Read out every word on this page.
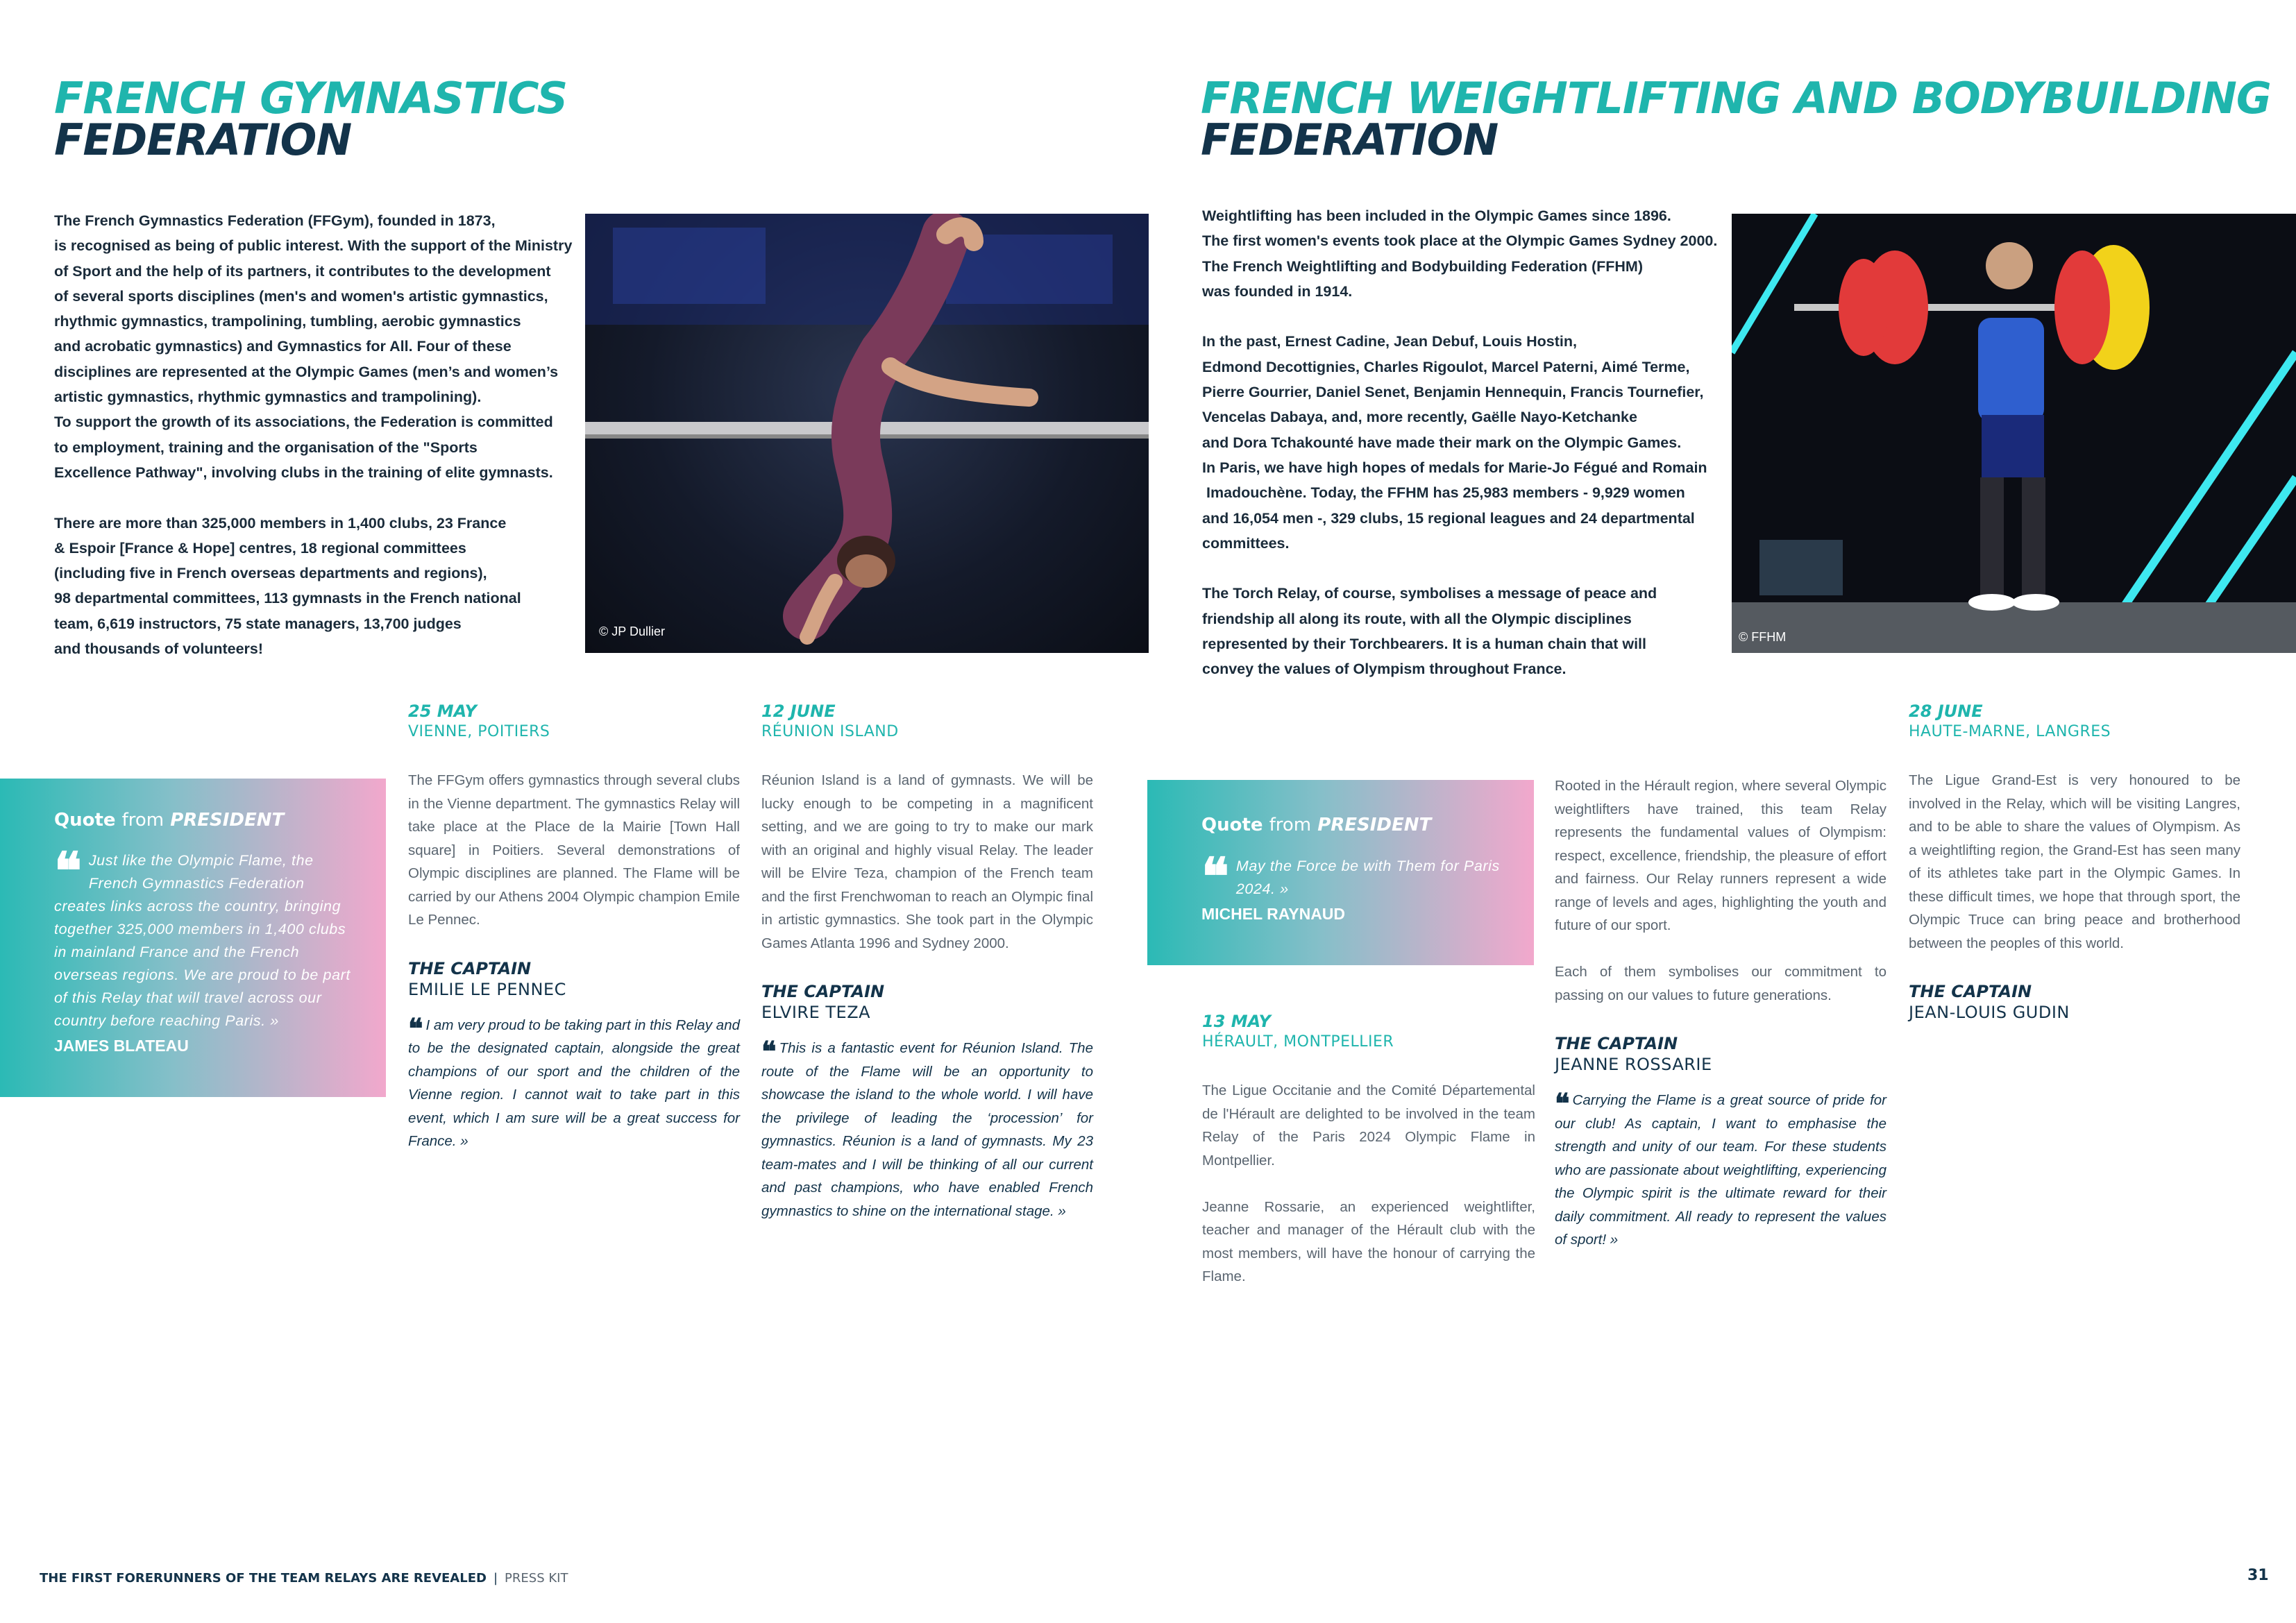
FRENCH GYMNASTICS
FEDERATION
The French Gymnastics Federation (FFGym), founded in 1873,
is recognised as being of public interest. With the support of the Ministry
of Sport and the help of its partners, it contributes to the development
of several sports disciplines (men's and women's artistic gymnastics,
rhythmic gymnastics, trampolining, tumbling, aerobic gymnastics
and acrobatic gymnastics) and Gymnastics for All. Four of these
disciplines are represented at the Olympic Games (men’s and women’s
artistic gymnastics, rhythmic gymnastics and trampolining).
To support the growth of its associations, the Federation is committed
to employment, training and the organisation of the "Sports
Excellence Pathway", involving clubs in the training of elite gymnasts.

There are more than 325,000 members in 1,400 clubs, 23 France
& Espoir [France & Hope] centres, 18 regional committees
(including five in French overseas departments and regions),
98 departmental committees, 113 gymnasts in the French national
team, 6,619 instructors, 75 state managers, 13,700 judges
and thousands of volunteers!
© JP Dullier
Quote from PRESIDENT
❝ Just like the Olympic Flame, the French Gymnastics Federation creates links across the country, bringing together 325,000 members in 1,400 clubs in mainland France and the French overseas regions. We are proud to be part of this Relay that will travel across our country before reaching Paris. »
JAMES BLATEAU
25 MAY
VIENNE, POITIERS
The FFGym offers gymnastics through several clubs in the Vienne department. The gymnastics Relay will take place at the Place de la Mairie [Town Hall square] in Poitiers. Several demonstrations of Olympic disciplines are planned. The Flame will be carried by our Athens 2004 Olympic champion Emile Le Pennec.
THE CAPTAIN
EMILIE LE PENNEC
❝ I am very proud to be taking part in this Relay and to be the designated captain, alongside the great champions of our sport and the children of the Vienne region. I cannot wait to take part in this event, which I am sure will be a great success for France. »
12 JUNE
RÉUNION ISLAND
Réunion Island is a land of gymnasts. We will be lucky enough to be competing in a magnificent setting, and we are going to try to make our mark with an original and highly visual Relay. The leader will be Elvire Teza, champion of the French team and the first Frenchwoman to reach an Olympic final in artistic gymnastics. She took part in the Olympic Games Atlanta 1996 and Sydney 2000.
THE CAPTAIN
ELVIRE TEZA
❝ This is a fantastic event for Réunion Island. The route of the Flame will be an opportunity to showcase the island to the whole world. I will have the privilege of leading the ‘procession’ for gymnastics. Réunion is a land of gymnasts. My 23 team-mates and I will be thinking of all our current and past champions, who have enabled French gymnastics to shine on the international stage. »
FRENCH WEIGHTLIFTING AND BODYBUILDING
FEDERATION
Weightlifting has been included in the Olympic Games since 1896.
The first women's events took place at the Olympic Games Sydney 2000.
The French Weightlifting and Bodybuilding Federation (FFHM)
was founded in 1914.

In the past, Ernest Cadine, Jean Debuf, Louis Hostin,
Edmond Decottignies, Charles Rigoulot, Marcel Paterni, Aimé Terme,
Pierre Gourrier, Daniel Senet, Benjamin Hennequin, Francis Tournefier,
Vencelas Dabaya, and, more recently, Gaëlle Nayo-Ketchanke
and Dora Tchakounté have made their mark on the Olympic Games.
In Paris, we have high hopes of medals for Marie-Jo Fégué and Romain
Imadouchène. Today, the FFHM has 25,983 members - 9,929 women
and 16,054 men -, 329 clubs, 15 regional leagues and 24 departmental
committees.

The Torch Relay, of course, symbolises a message of peace and
friendship all along its route, with all the Olympic disciplines
represented by their Torchbearers. It is a human chain that will
convey the values of Olympism throughout France.
© FFHM
Quote from PRESIDENT
❝ May the Force be with Them for Paris 2024. »
MICHEL RAYNAUD
13 MAY
HÉRAULT, MONTPELLIER
The Ligue Occitanie and the Comité Départemental de l'Hérault are delighted to be involved in the team Relay of the Paris 2024 Olympic Flame in Montpellier.

Jeanne Rossarie, an experienced weightlifter, teacher and manager of the Hérault club with the most members, will have the honour of carrying the Flame.
Rooted in the Hérault region, where several Olympic weightlifters have trained, this team Relay represents the fundamental values of Olympism: respect, excellence, friendship, the pleasure of effort and fairness. Our Relay runners represent a wide range of levels and ages, highlighting the youth and future of our sport.

Each of them symbolises our commitment to passing on our values to future generations.
THE CAPTAIN
JEANNE ROSSARIE
❝ Carrying the Flame is a great source of pride for our club! As captain, I want to emphasise the strength and unity of our team. For these students who are passionate about weightlifting, experiencing the Olympic spirit is the ultimate reward for their daily commitment. All ready to represent the values of sport! »
28 JUNE
HAUTE-MARNE, LANGRES
The Ligue Grand-Est is very honoured to be involved in the Relay, which will be visiting Langres, and to be able to share the values of Olympism. As a weightlifting region, the Grand-Est has seen many of its athletes take part in the Olympic Games. In these difficult times, we hope that through sport, the Olympic Truce can bring peace and brotherhood between the peoples of this world.
THE CAPTAIN
JEAN-LOUIS GUDIN
THE FIRST FORERUNNERS OF THE TEAM RELAYS ARE REVEALED | PRESS KIT	31
